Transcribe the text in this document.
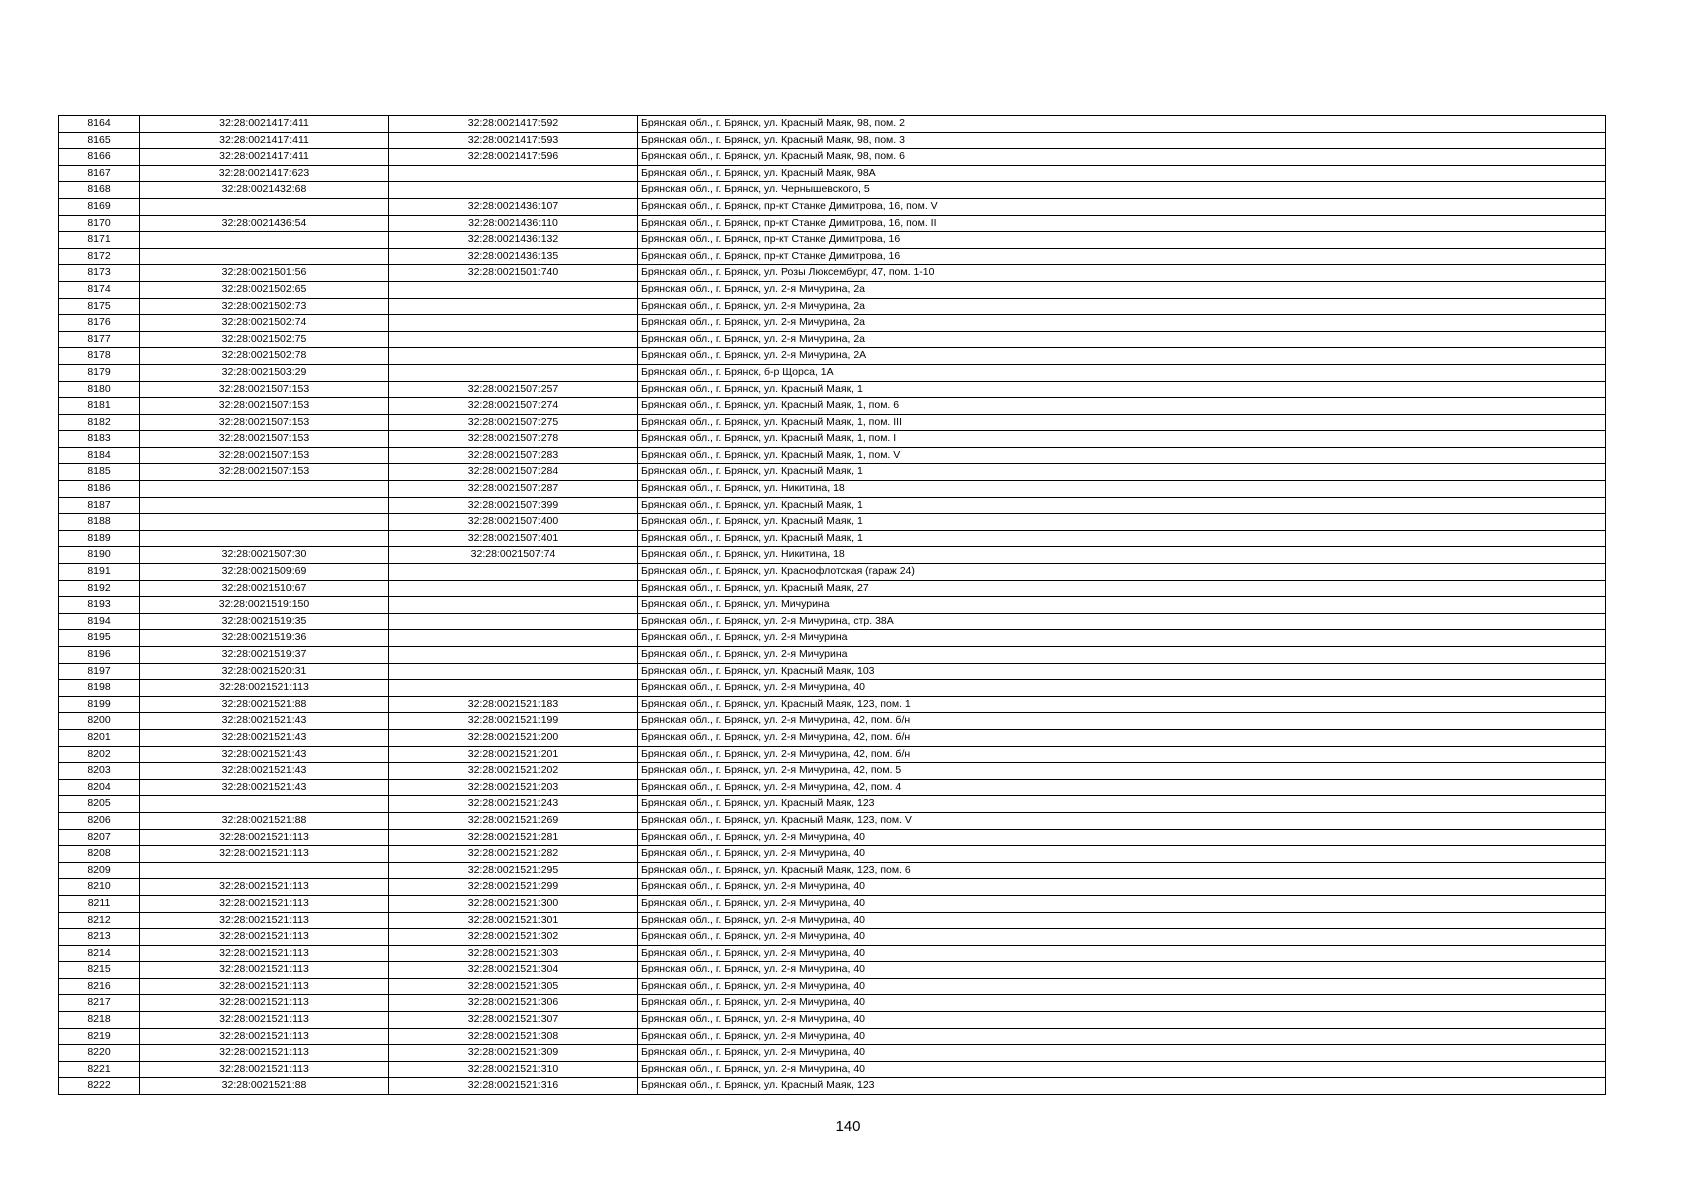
8164	32:28:0021417:411	32:28:0021417:592	Брянская обл., г. Брянск, ул. Красный Маяк, 98, пом. 2
8165	32:28:0021417:411	32:28:0021417:593	Брянская обл., г. Брянск, ул. Красный Маяк, 98, пом. 3
8166	32:28:0021417:411	32:28:0021417:596	Брянская обл., г. Брянск, ул. Красный Маяк, 98, пом. 6
8167	32:28:0021417:623		Брянская обл., г. Брянск, ул. Красный Маяк, 98А
8168	32:28:0021432:68		Брянская обл., г. Брянск, ул. Чернышевского, 5
8169		32:28:0021436:107	Брянская обл., г. Брянск, пр-кт Станке Димитрова, 16, пом. V
8170	32:28:0021436:54	32:28:0021436:110	Брянская обл., г. Брянск, пр-кт Станке Димитрова, 16, пом. II
8171		32:28:0021436:132	Брянская обл., г. Брянск, пр-кт Станке Димитрова, 16
8172		32:28:0021436:135	Брянская обл., г. Брянск, пр-кт Станке Димитрова, 16
8173	32:28:0021501:56	32:28:0021501:740	Брянская обл., г. Брянск, ул. Розы Люксембург, 47, пом. 1-10
8174	32:28:0021502:65		Брянская обл., г. Брянск, ул. 2-я Мичурина, 2а
8175	32:28:0021502:73		Брянская обл., г. Брянск, ул. 2-я Мичурина, 2а
8176	32:28:0021502:74		Брянская обл., г. Брянск, ул. 2-я Мичурина, 2а
8177	32:28:0021502:75		Брянская обл., г. Брянск, ул. 2-я Мичурина, 2а
8178	32:28:0021502:78		Брянская обл., г. Брянск, ул. 2-я Мичурина, 2А
8179	32:28:0021503:29		Брянская обл., г. Брянск, б-р Щорса, 1А
8180	32:28:0021507:153	32:28:0021507:257	Брянская обл., г. Брянск, ул. Красный Маяк, 1
8181	32:28:0021507:153	32:28:0021507:274	Брянская обл., г. Брянск, ул. Красный Маяк, 1, пом. 6
8182	32:28:0021507:153	32:28:0021507:275	Брянская обл., г. Брянск, ул. Красный Маяк, 1, пом. III
8183	32:28:0021507:153	32:28:0021507:278	Брянская обл., г. Брянск, ул. Красный Маяк, 1, пом. I
8184	32:28:0021507:153	32:28:0021507:283	Брянская обл., г. Брянск, ул. Красный Маяк, 1, пом. V
8185	32:28:0021507:153	32:28:0021507:284	Брянская обл., г. Брянск, ул. Красный Маяк, 1
8186		32:28:0021507:287	Брянская обл., г. Брянск, ул. Никитина, 18
8187		32:28:0021507:399	Брянская обл., г. Брянск, ул. Красный Маяк, 1
8188		32:28:0021507:400	Брянская обл., г. Брянск, ул. Красный Маяк, 1
8189		32:28:0021507:401	Брянская обл., г. Брянск, ул. Красный Маяк, 1
8190	32:28:0021507:30	32:28:0021507:74	Брянская обл., г. Брянск, ул. Никитина, 18
8191	32:28:0021509:69		Брянская обл., г. Брянск, ул. Краснофлотская (гараж 24)
8192	32:28:0021510:67		Брянская обл., г. Брянск, ул. Красный Маяк, 27
8193	32:28:0021519:150		Брянская обл., г. Брянск, ул. Мичурина
8194	32:28:0021519:35		Брянская обл., г. Брянск, ул. 2-я Мичурина, стр. 38А
8195	32:28:0021519:36		Брянская обл., г. Брянск, ул. 2-я Мичурина
8196	32:28:0021519:37		Брянская обл., г. Брянск, ул. 2-я Мичурина
8197	32:28:0021520:31		Брянская обл., г. Брянск, ул. Красный Маяк, 103
8198	32:28:0021521:113		Брянская обл., г. Брянск, ул. 2-я Мичурина, 40
8199	32:28:0021521:88	32:28:0021521:183	Брянская обл., г. Брянск, ул. Красный Маяк, 123, пом. 1
8200	32:28:0021521:43	32:28:0021521:199	Брянская обл., г. Брянск, ул. 2-я Мичурина, 42, пом. б/н
8201	32:28:0021521:43	32:28:0021521:200	Брянская обл., г. Брянск, ул. 2-я Мичурина, 42, пом. б/н
8202	32:28:0021521:43	32:28:0021521:201	Брянская обл., г. Брянск, ул. 2-я Мичурина, 42, пом. б/н
8203	32:28:0021521:43	32:28:0021521:202	Брянская обл., г. Брянск, ул. 2-я Мичурина, 42, пом. 5
8204	32:28:0021521:43	32:28:0021521:203	Брянская обл., г. Брянск, ул. 2-я Мичурина, 42, пом. 4
8205		32:28:0021521:243	Брянская обл., г. Брянск, ул. Красный Маяк, 123
8206	32:28:0021521:88	32:28:0021521:269	Брянская обл., г. Брянск, ул. Красный Маяк, 123, пом. V
8207	32:28:0021521:113	32:28:0021521:281	Брянская обл., г. Брянск, ул. 2-я Мичурина, 40
8208	32:28:0021521:113	32:28:0021521:282	Брянская обл., г. Брянск, ул. 2-я Мичурина, 40
8209		32:28:0021521:295	Брянская обл., г. Брянск, ул. Красный Маяк, 123, пом. 6
8210	32:28:0021521:113	32:28:0021521:299	Брянская обл., г. Брянск, ул. 2-я Мичурина, 40
8211	32:28:0021521:113	32:28:0021521:300	Брянская обл., г. Брянск, ул. 2-я Мичурина, 40
8212	32:28:0021521:113	32:28:0021521:301	Брянская обл., г. Брянск, ул. 2-я Мичурина, 40
8213	32:28:0021521:113	32:28:0021521:302	Брянская обл., г. Брянск, ул. 2-я Мичурина, 40
8214	32:28:0021521:113	32:28:0021521:303	Брянская обл., г. Брянск, ул. 2-я Мичурина, 40
8215	32:28:0021521:113	32:28:0021521:304	Брянская обл., г. Брянск, ул. 2-я Мичурина, 40
8216	32:28:0021521:113	32:28:0021521:305	Брянская обл., г. Брянск, ул. 2-я Мичурина, 40
8217	32:28:0021521:113	32:28:0021521:306	Брянская обл., г. Брянск, ул. 2-я Мичурина, 40
8218	32:28:0021521:113	32:28:0021521:307	Брянская обл., г. Брянск, ул. 2-я Мичурина, 40
8219	32:28:0021521:113	32:28:0021521:308	Брянская обл., г. Брянск, ул. 2-я Мичурина, 40
8220	32:28:0021521:113	32:28:0021521:309	Брянская обл., г. Брянск, ул. 2-я Мичурина, 40
8221	32:28:0021521:113	32:28:0021521:310	Брянская обл., г. Брянск, ул. 2-я Мичурина, 40
8222	32:28:0021521:88	32:28:0021521:316	Брянская обл., г. Брянск, ул. Красный Маяк, 123
140
